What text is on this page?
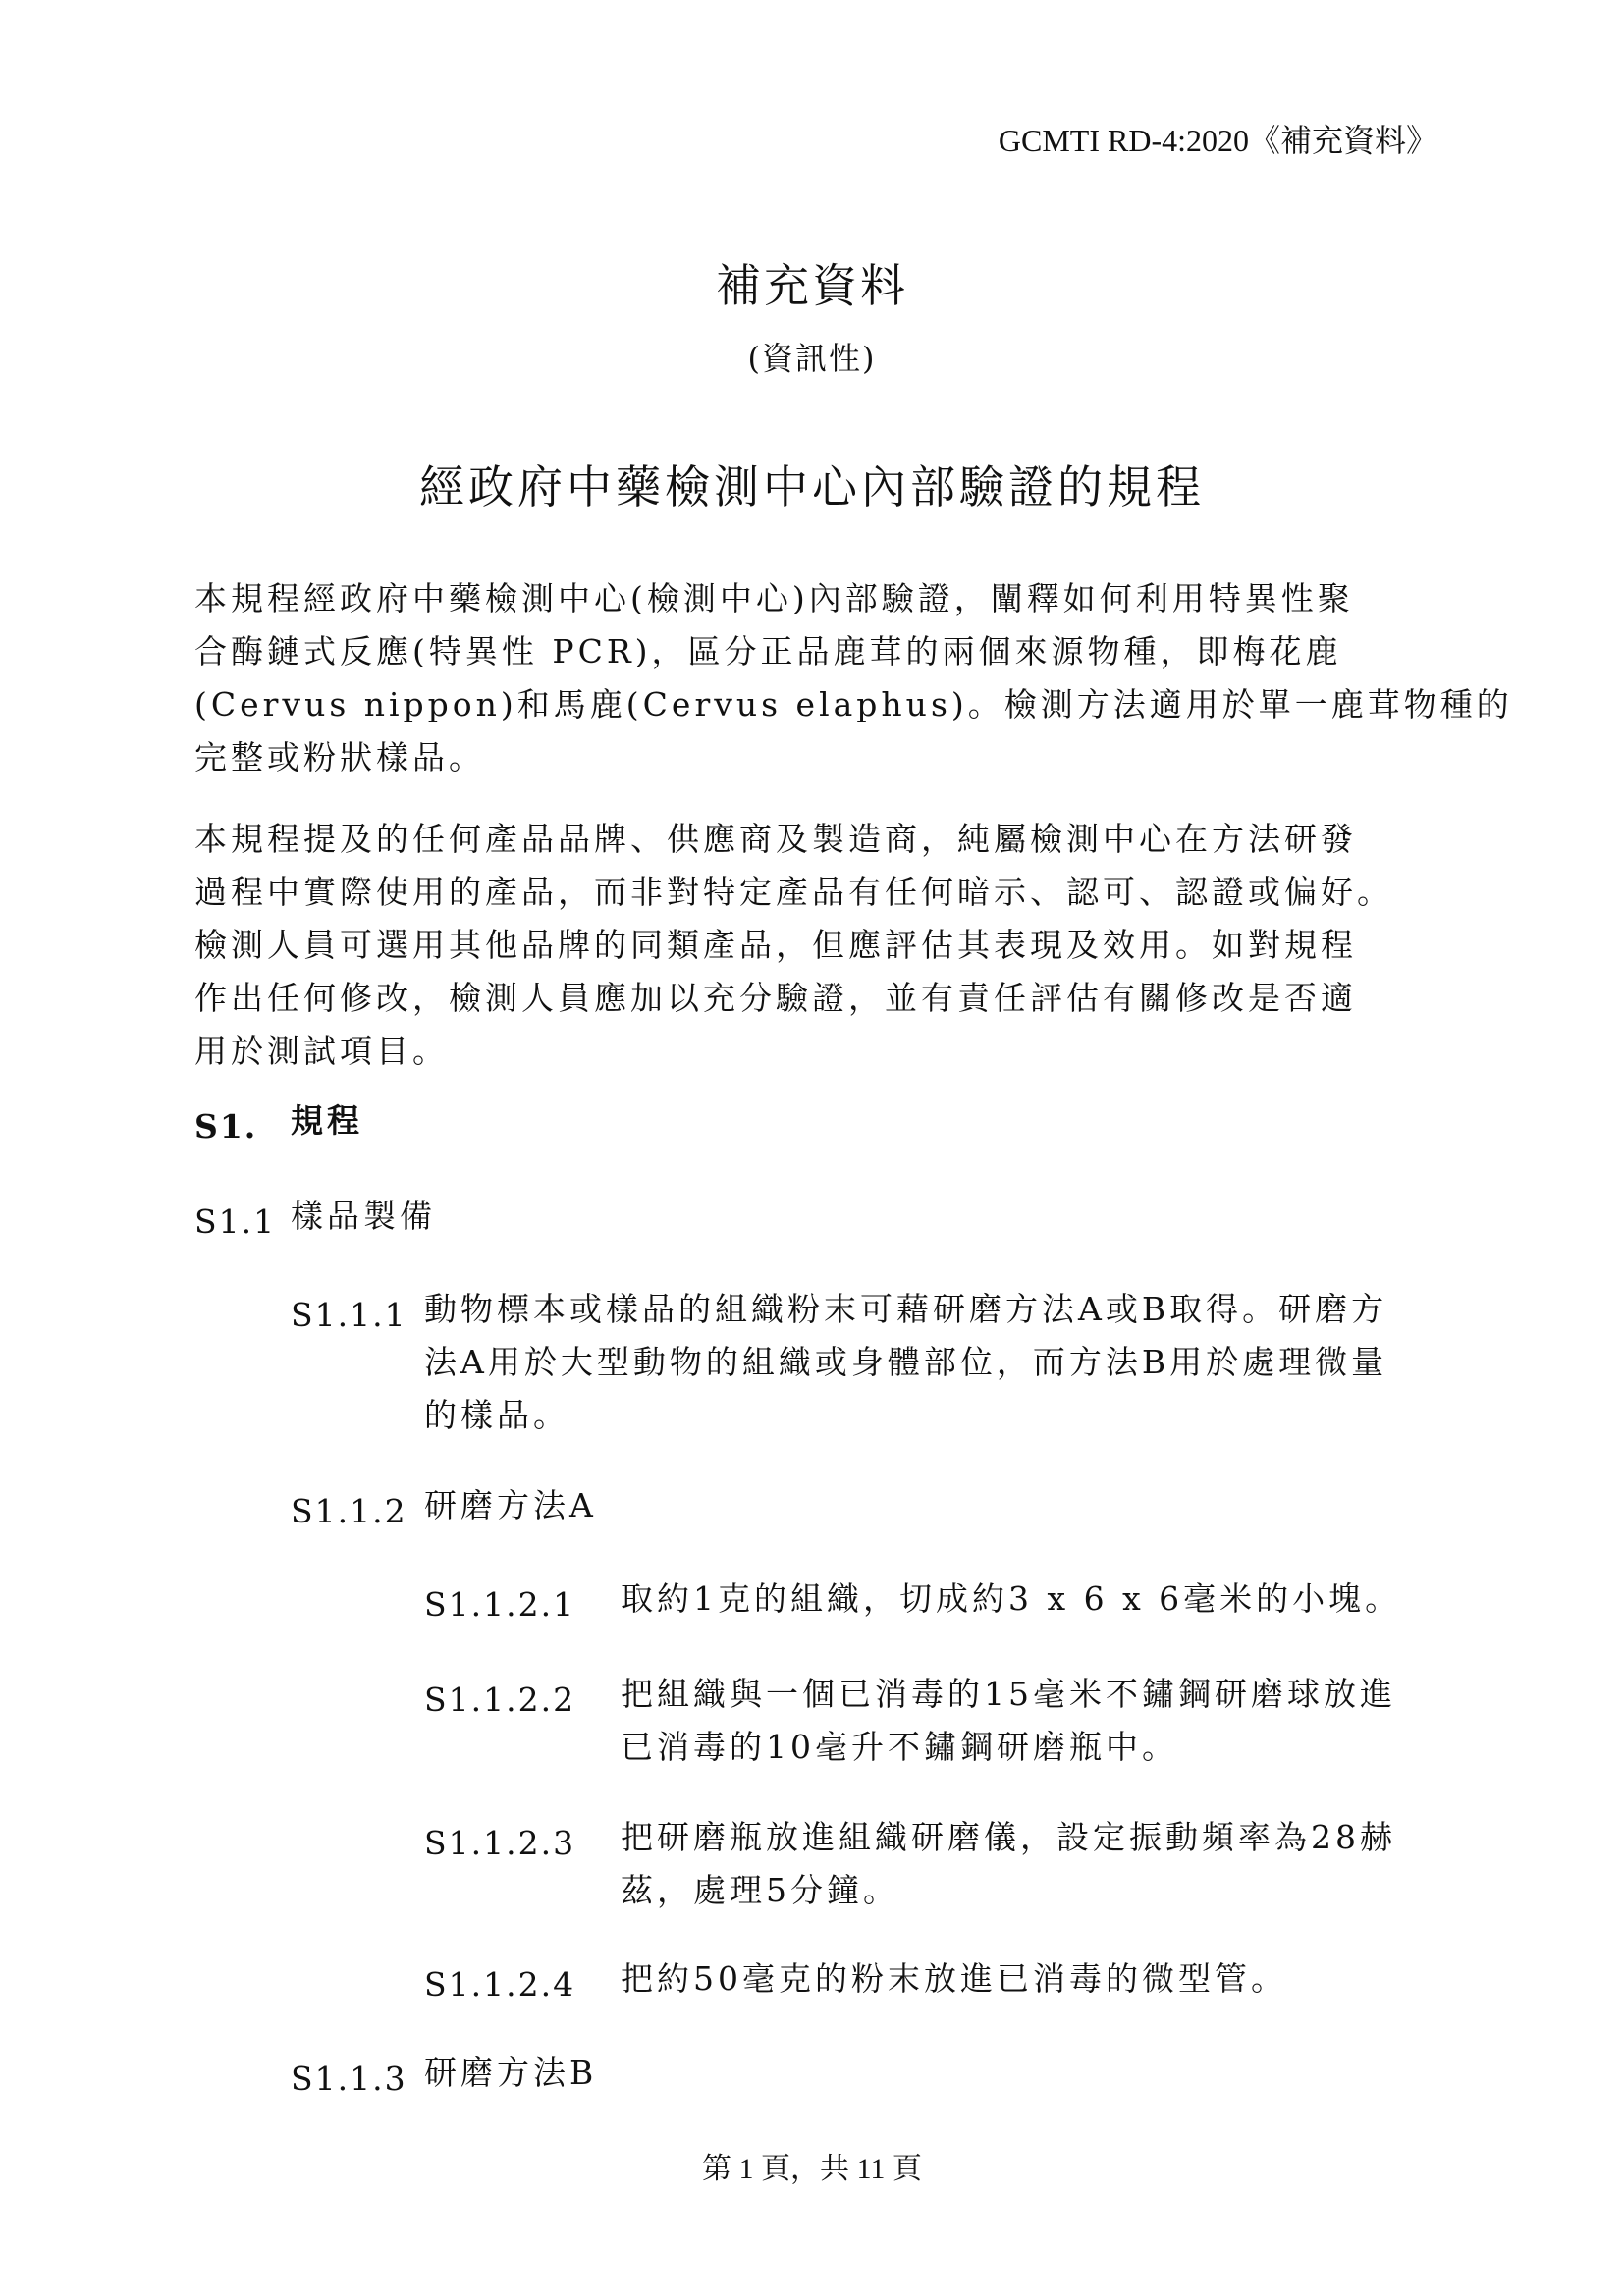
GCMTI RD-4:2020《補充資料》
補充資料
(資訊性)
經政府中藥檢測中心內部驗證的規程
本規程經政府中藥檢測中心(檢測中心)內部驗證，闡釋如何利用特異性聚
合酶鏈式反應(特異性 PCR)，區分正品鹿茸的兩個來源物種，即梅花鹿
(Cervus nippon)和馬鹿(Cervus elaphus)。檢測方法適用於單一鹿茸物種的
完整或粉狀樣品。
本規程提及的任何產品品牌、供應商及製造商，純屬檢測中心在方法研發
過程中實際使用的產品，而非對特定產品有任何暗示、認可、認證或偏好。
檢測人員可選用其他品牌的同類產品，但應評估其表現及效用。如對規程
作出任何修改，檢測人員應加以充分驗證，並有責任評估有關修改是否適
用於測試項目。
S1. 規程
S1.1 樣品製備
S1.1.1 動物標本或樣品的組織粉末可藉研磨方法A或B取得。研磨方
法A用於大型動物的組織或身體部位，而方法B用於處理微量
的樣品。
S1.1.2 研磨方法A
S1.1.2.1 取約1克的組織，切成約3 x 6 x 6毫米的小塊。
S1.1.2.2 把組織與一個已消毒的15毫米不鏽鋼研磨球放進
已消毒的10毫升不鏽鋼研磨瓶中。
S1.1.2.3 把研磨瓶放進組織研磨儀，設定振動頻率為28赫
茲，處理5分鐘。
S1.1.2.4 把約50毫克的粉末放進已消毒的微型管。
S1.1.3 研磨方法B
第 1 頁，共 11 頁
